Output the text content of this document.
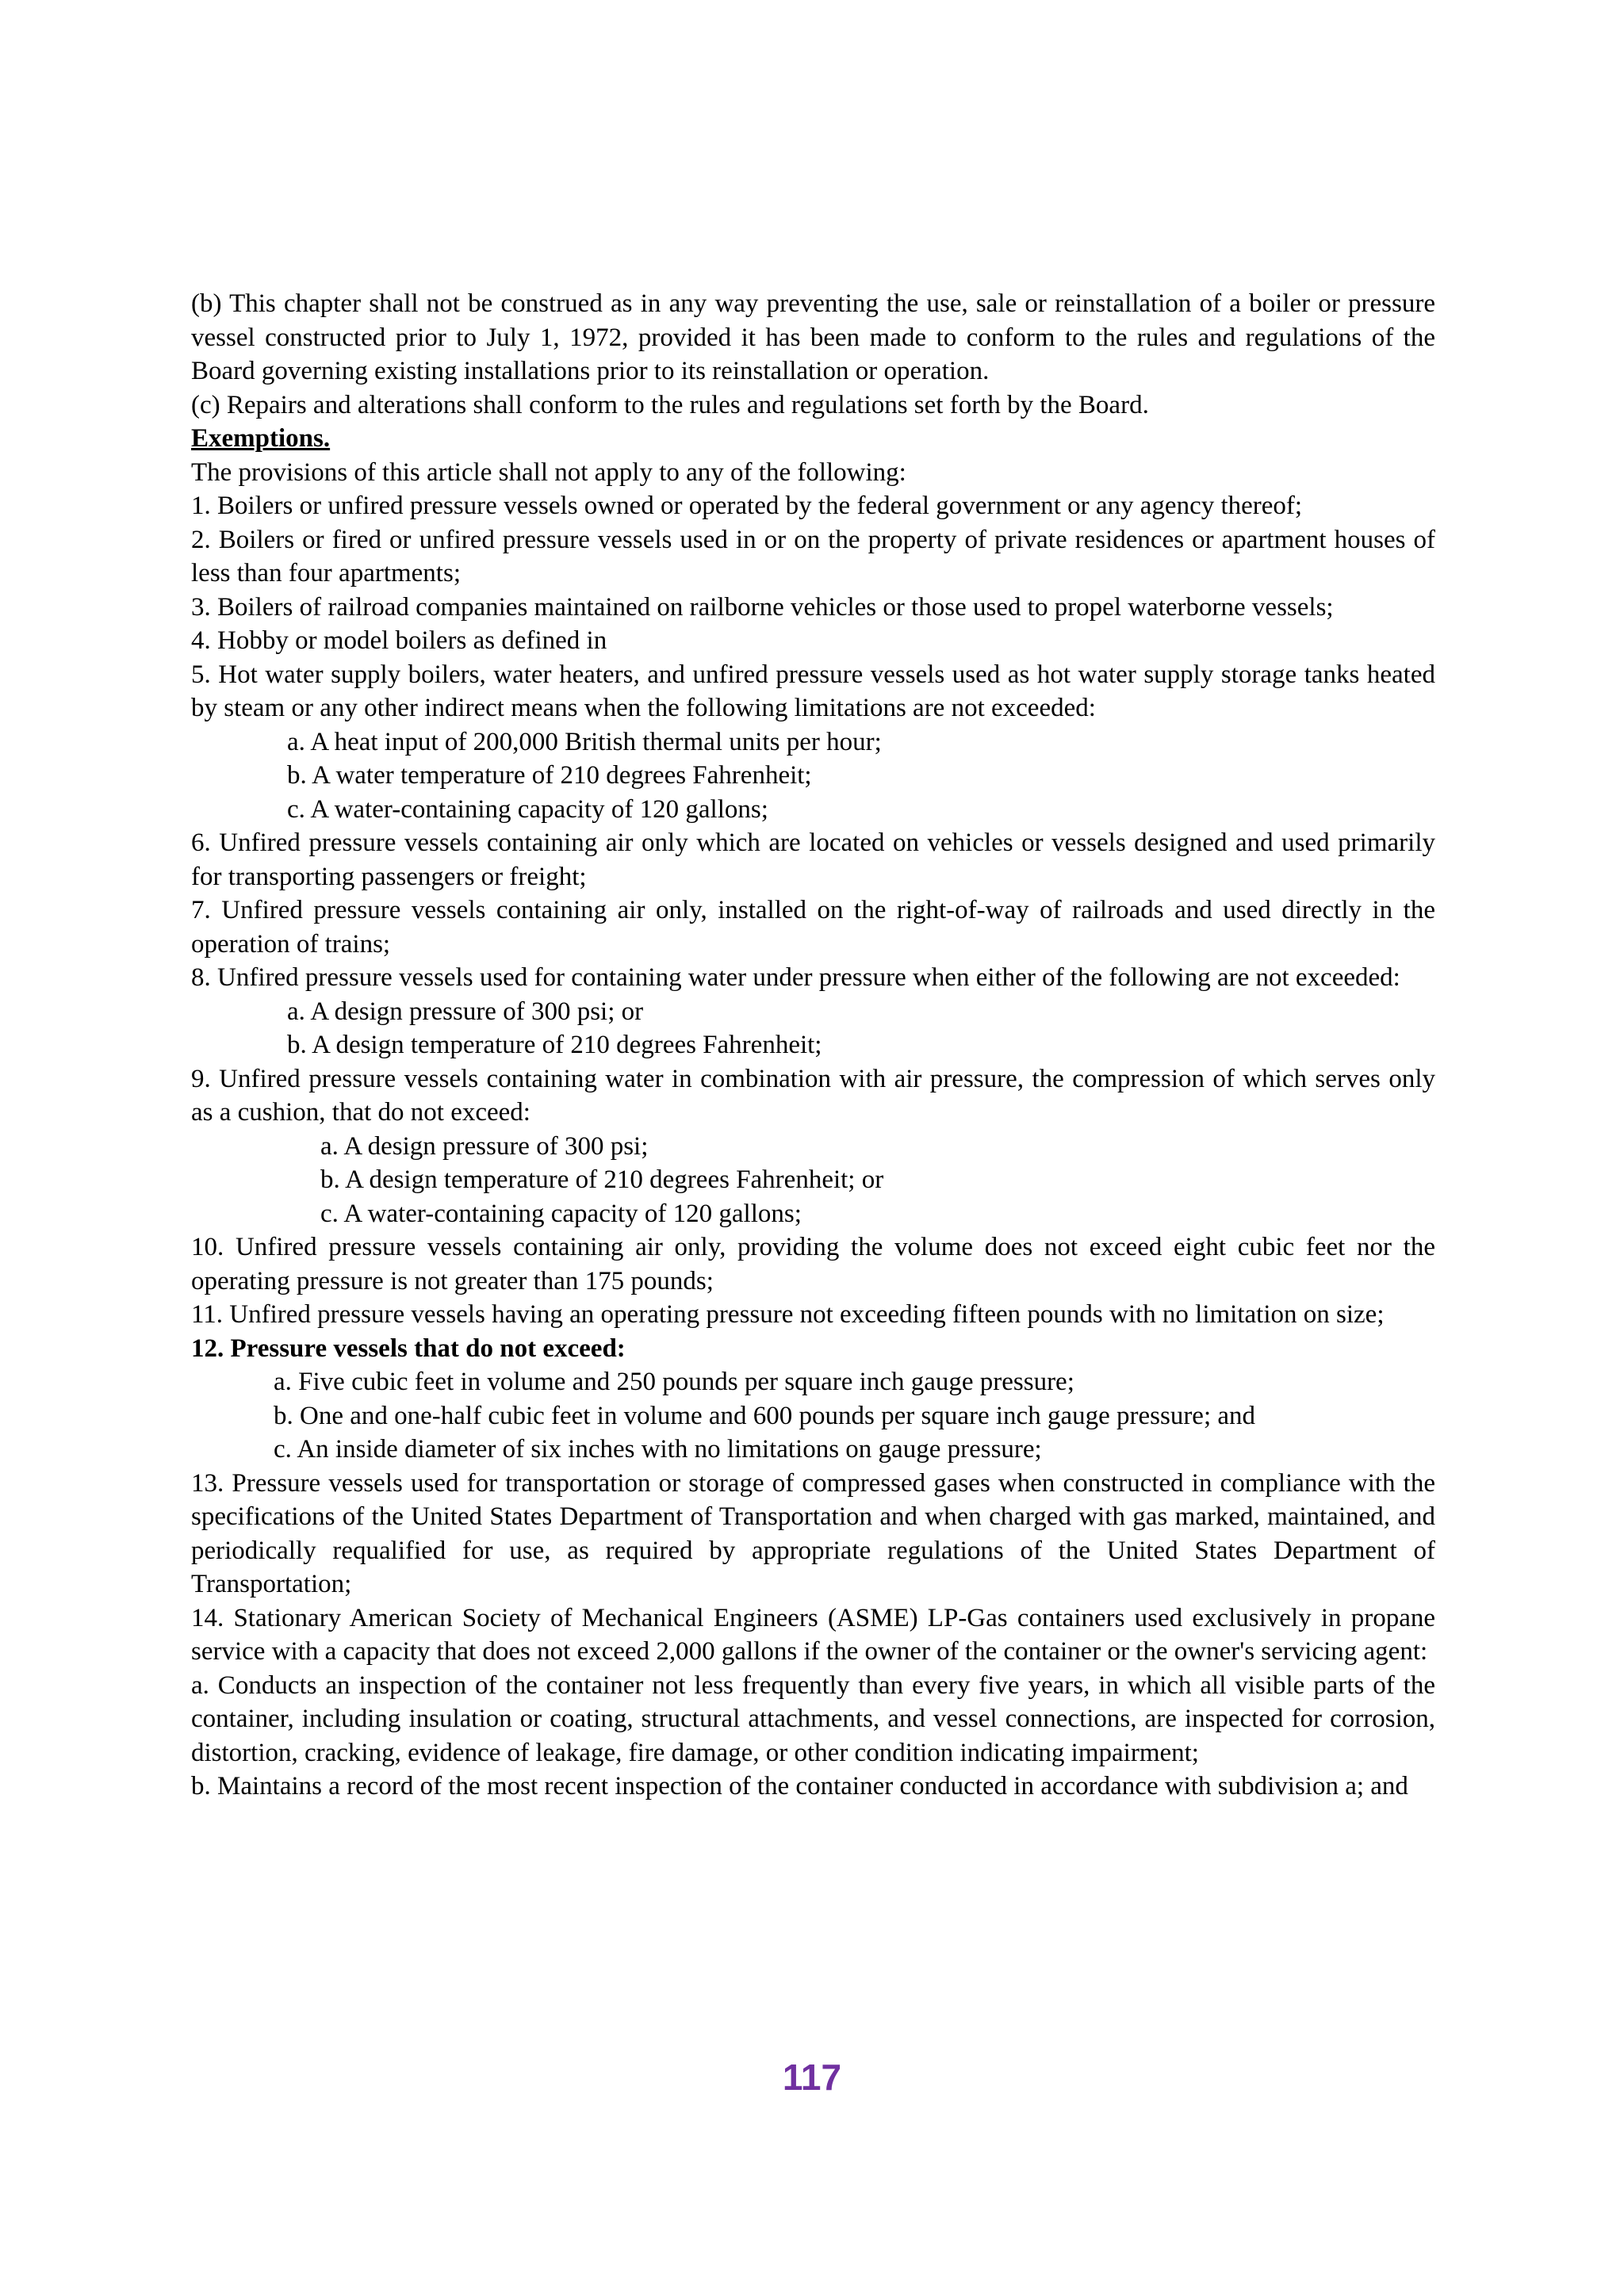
(b) This chapter shall not be construed as in any way preventing the use, sale or reinstallation of a boiler or pressure vessel constructed prior to July 1, 1972, provided it has been made to conform to the rules and regulations of the Board governing existing installations prior to its reinstallation or operation.

(c) Repairs and alterations shall conform to the rules and regulations set forth by the Board.

Exemptions.

The provisions of this article shall not apply to any of the following:

1. Boilers or unfired pressure vessels owned or operated by the federal government or any agency thereof;

2. Boilers or fired or unfired pressure vessels used in or on the property of private residences or apartment houses of less than four apartments;

3. Boilers of railroad companies maintained on railborne vehicles or those used to propel waterborne vessels;

4. Hobby or model boilers as defined in

5. Hot water supply boilers, water heaters, and unfired pressure vessels used as hot water supply storage tanks heated by steam or any other indirect means when the following limitations are not exceeded:

a. A heat input of 200,000 British thermal units per hour;

b. A water temperature of 210 degrees Fahrenheit;

c. A water-containing capacity of 120 gallons;

6. Unfired pressure vessels containing air only which are located on vehicles or vessels designed and used primarily for transporting passengers or freight;

7. Unfired pressure vessels containing air only, installed on the right-of-way of railroads and used directly in the operation of trains;

8. Unfired pressure vessels used for containing water under pressure when either of the following are not exceeded:

a. A design pressure of 300 psi; or

b. A design temperature of 210 degrees Fahrenheit;

9. Unfired pressure vessels containing water in combination with air pressure, the compression of which serves only as a cushion, that do not exceed:

a. A design pressure of 300 psi;

b. A design temperature of 210 degrees Fahrenheit; or

c. A water-containing capacity of 120 gallons;

10. Unfired pressure vessels containing air only, providing the volume does not exceed eight cubic feet nor the operating pressure is not greater than 175 pounds;

11. Unfired pressure vessels having an operating pressure not exceeding fifteen pounds with no limitation on size;

12. Pressure vessels that do not exceed:

a. Five cubic feet in volume and 250 pounds per square inch gauge pressure;

b. One and one-half cubic feet in volume and 600 pounds per square inch gauge pressure; and

c. An inside diameter of six inches with no limitations on gauge pressure;

13. Pressure vessels used for transportation or storage of compressed gases when constructed in compliance with the specifications of the United States Department of Transportation and when charged with gas marked, maintained, and periodically requalified for use, as required by appropriate regulations of the United States Department of Transportation;

14. Stationary American Society of Mechanical Engineers (ASME) LP-Gas containers used exclusively in propane service with a capacity that does not exceed 2,000 gallons if the owner of the container or the owner's servicing agent:

a. Conducts an inspection of the container not less frequently than every five years, in which all visible parts of the container, including insulation or coating, structural attachments, and vessel connections, are inspected for corrosion, distortion, cracking, evidence of leakage, fire damage, or other condition indicating impairment;

b. Maintains a record of the most recent inspection of the container conducted in accordance with subdivision a; and

117
